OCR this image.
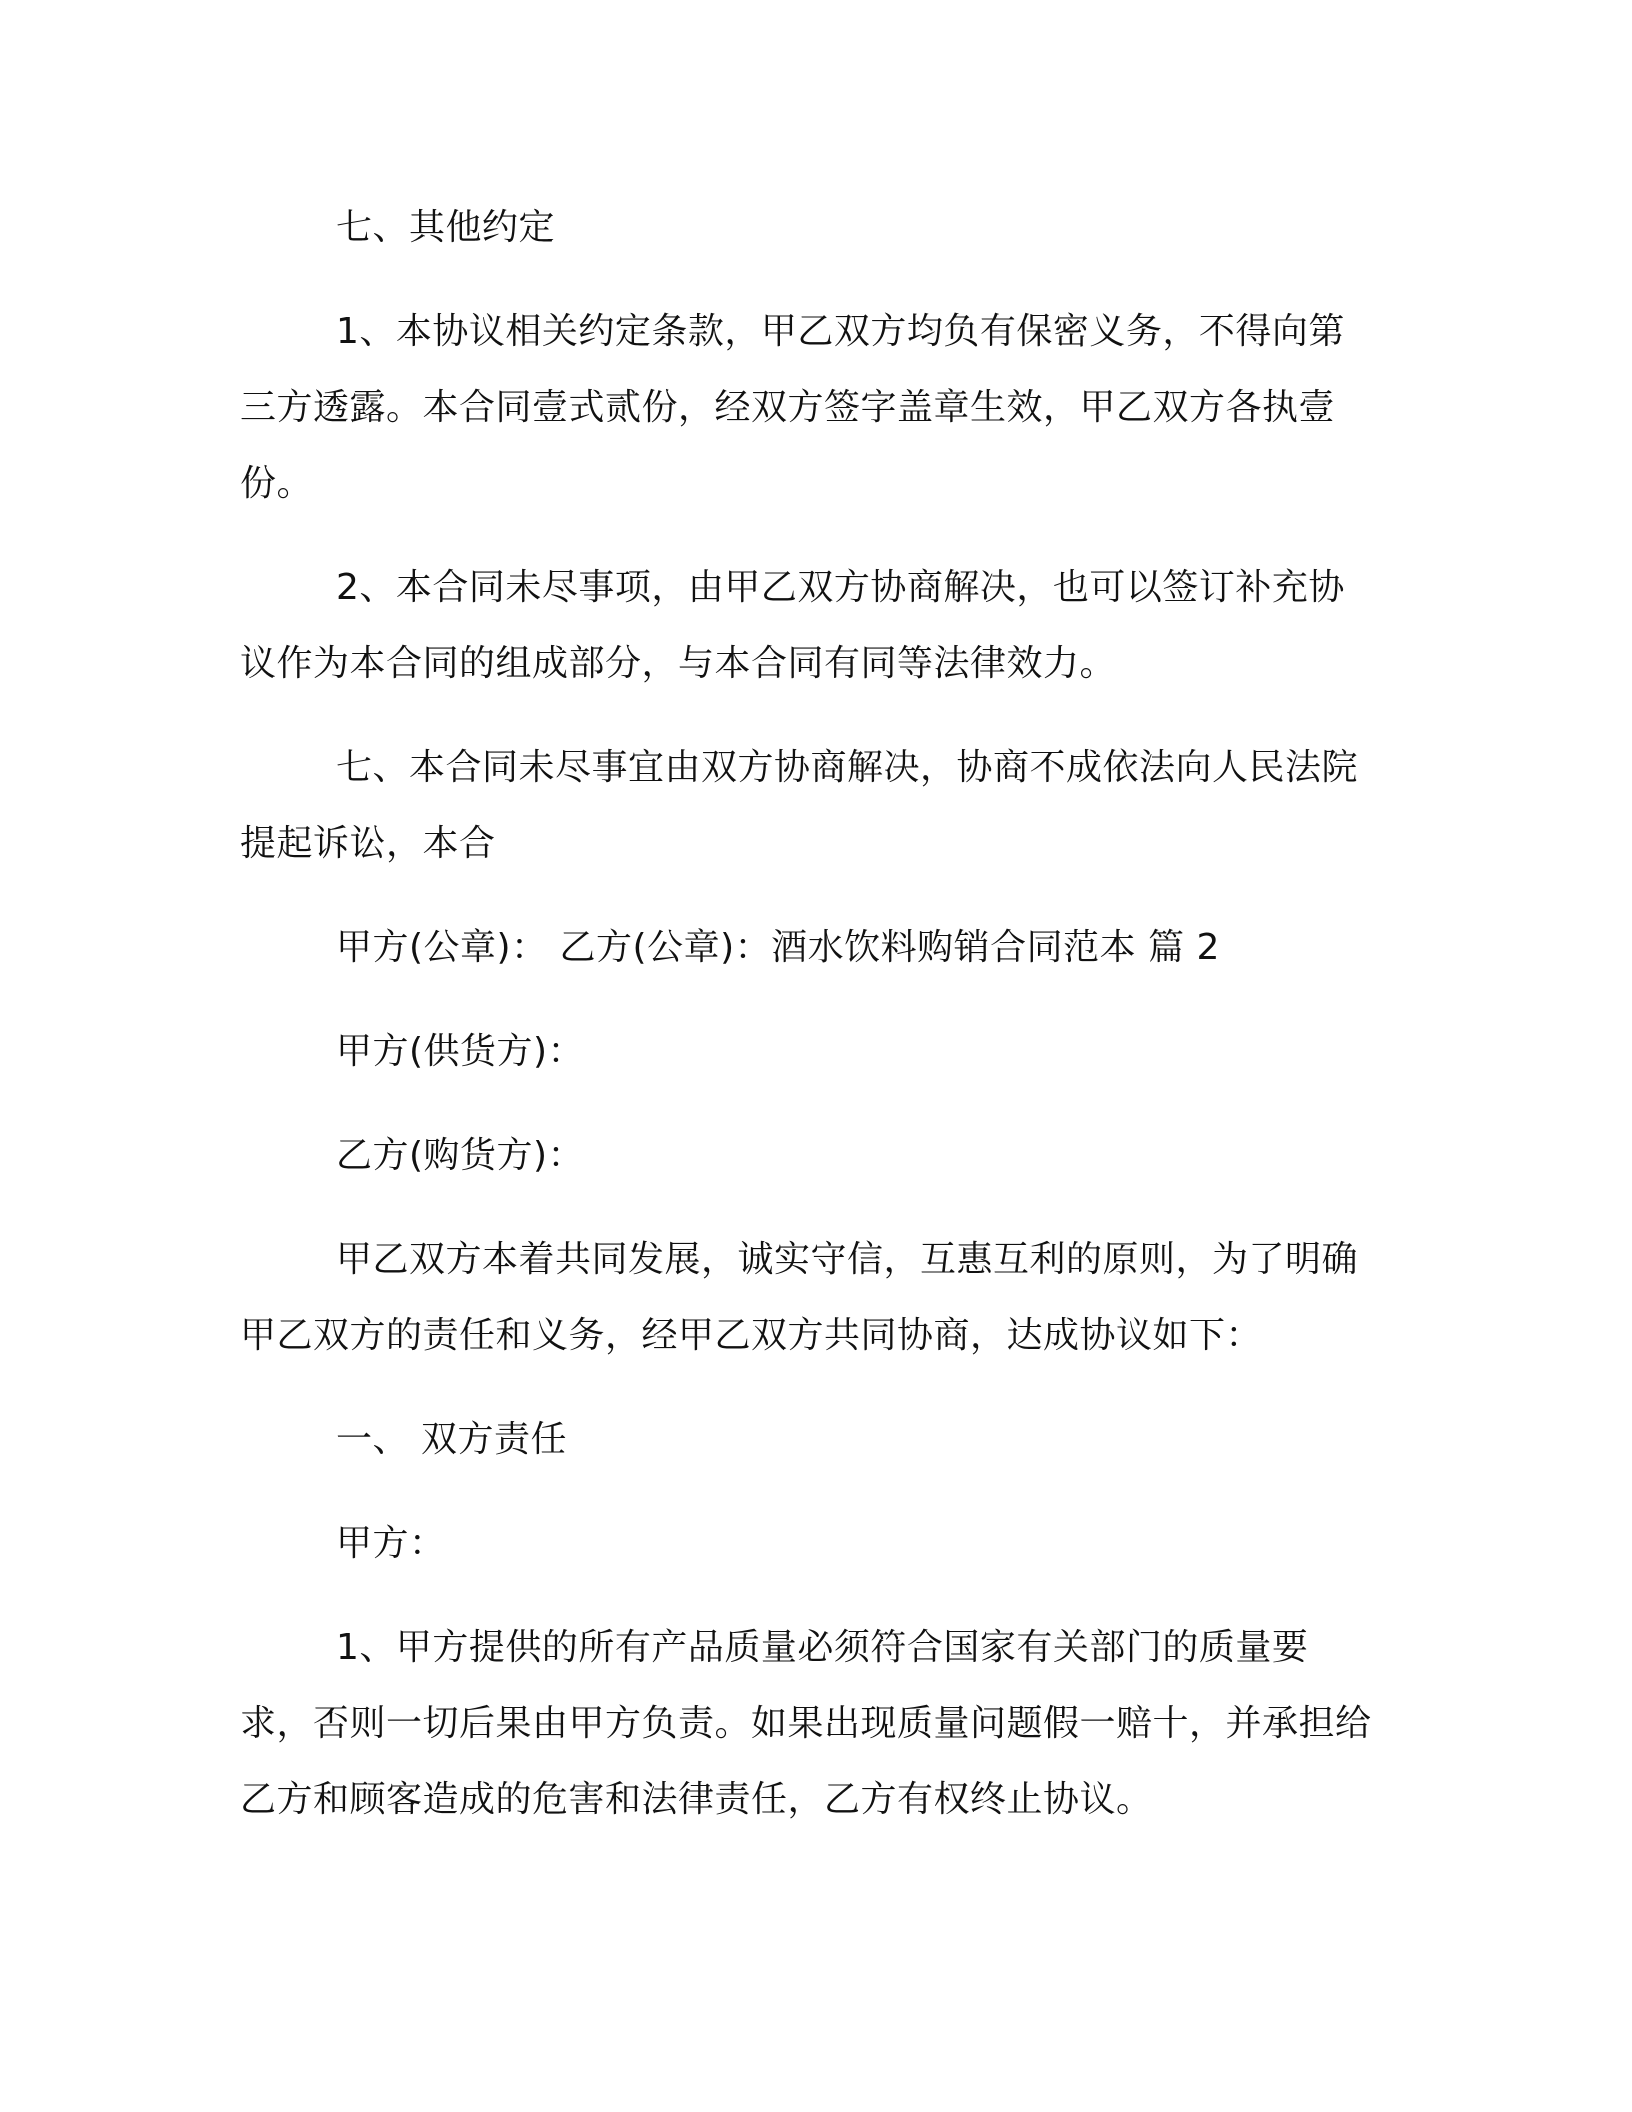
七、其他约定

1、本协议相关约定条款，甲乙双方均负有保密义务，不得向第三方透露。本合同壹式贰份，经双方签字盖章生效，甲乙双方各执壹份。

2、本合同未尽事项，由甲乙双方协商解决，也可以签订补充协议作为本合同的组成部分，与本合同有同等法律效力。

七、本合同未尽事宜由双方协商解决，协商不成依法向人民法院提起诉讼，本合

甲方(公章)： 乙方(公章)：酒水饮料购销合同范本 篇 2

甲方(供货方)：

乙方(购货方)：

甲乙双方本着共同发展，诚实守信，互惠互利的原则，为了明确甲乙双方的责任和义务，经甲乙双方共同协商，达成协议如下：

一、 双方责任

甲方：

1、甲方提供的所有产品质量必须符合国家有关部门的质量要求，否则一切后果由甲方负责。如果出现质量问题假一赔十，并承担给乙方和顾客造成的危害和法律责任，乙方有权终止协议。
